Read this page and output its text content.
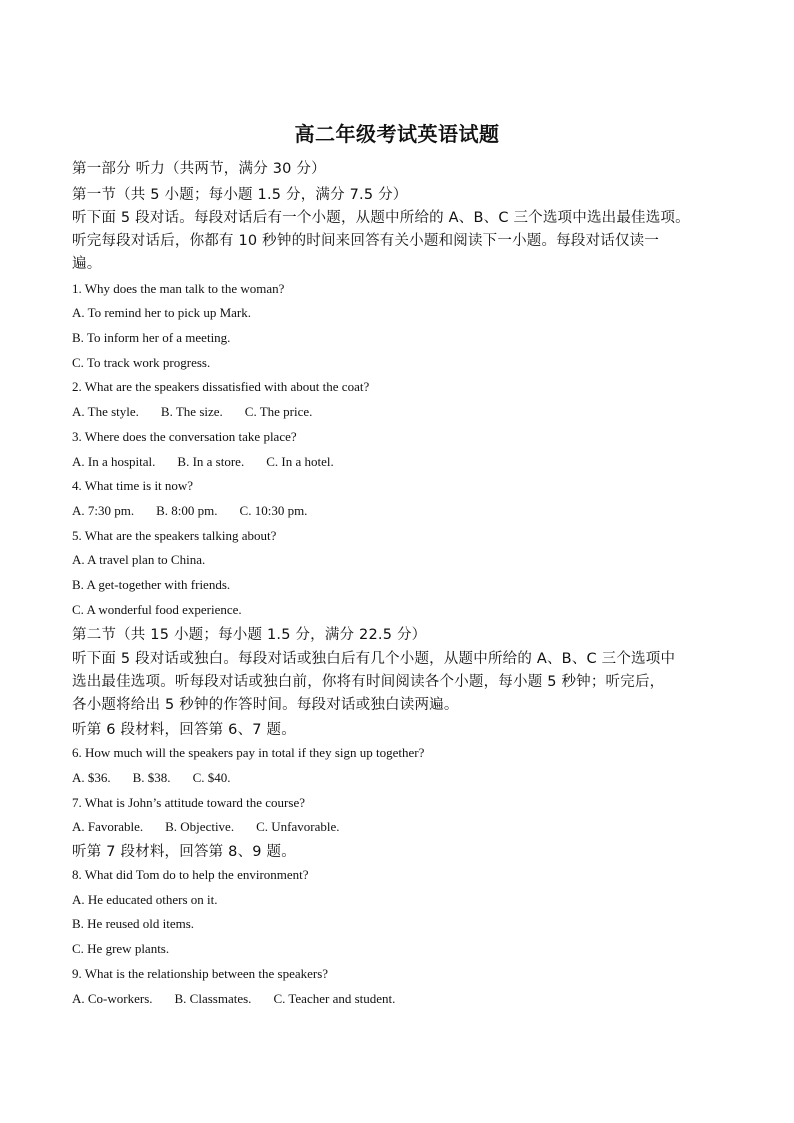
高二年级考试英语试题
第一部分 听力（共两节，满分 30 分）
第一节（共 5 小题；每小题 1.5 分，满分 7.5 分）
听下面 5 段对话。每段对话后有一个小题，从题中所给的 A、B、C 三个选项中选出最佳选项。
听完每段对话后，你都有 10 秒钟的时间来回答有关小题和阅读下一小题。每段对话仅读一
遍。
1. Why does the man talk to the woman?
A. To remind her to pick up Mark.
B. To inform her of a meeting.
C. To track work progress.
2. What are the speakers dissatisfied with about the coat?
A. The style. B. The size. C. The price.
3. Where does the conversation take place?
A. In a hospital. B. In a store. C. In a hotel.
4. What time is it now?
A. 7:30 pm. B. 8:00 pm. C. 10:30 pm.
5. What are the speakers talking about?
A. A travel plan to China.
B. A get-together with friends.
C. A wonderful food experience.
第二节（共 15 小题；每小题 1.5 分，满分 22.5 分）
听下面 5 段对话或独白。每段对话或独白后有几个小题，从题中所给的 A、B、C 三个选项中
选出最佳选项。听每段对话或独白前，你将有时间阅读各个小题，每小题 5 秒钟；听完后，
各小题将给出 5 秒钟的作答时间。每段对话或独白读两遍。
听第 6 段材料，回答第 6、7 题。
6. How much will the speakers pay in total if they sign up together?
A. $36. B. $38. C. $40.
7. What is John’s attitude toward the course?
A. Favorable. B. Objective. C. Unfavorable.
听第 7 段材料，回答第 8、9 题。
8. What did Tom do to help the environment?
A. He educated others on it.
B. He reused old items.
C. He grew plants.
9. What is the relationship between the speakers?
A. Co-workers. B. Classmates. C. Teacher and student.
